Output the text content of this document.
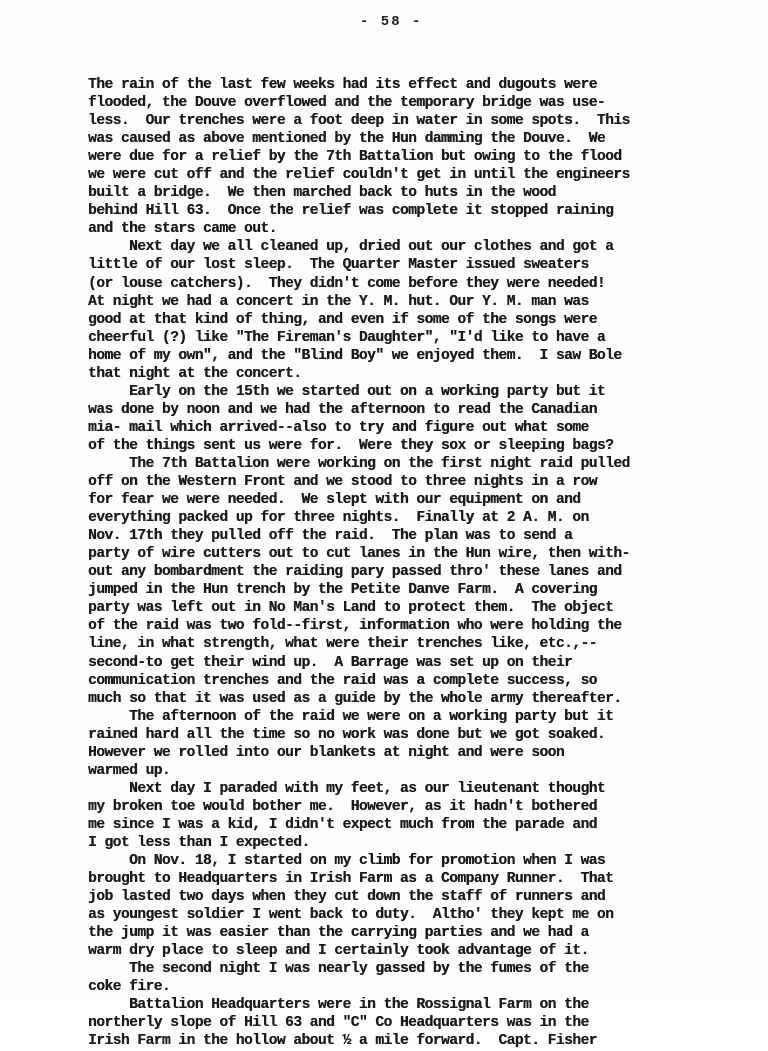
- 58 -
The rain of the last few weeks had its effect and dugouts were
flooded, the Douve overflowed and the temporary bridge was use-
less.  Our trenches were a foot deep in water in some spots.  This
was caused as above mentioned by the Hun damming the Douve.  We
were due for a relief by the 7th Battalion but owing to the flood
we were cut off and the relief couldn't get in until the engineers
built a bridge.  We then marched back to huts in the wood
behind Hill 63.  Once the relief was complete it stopped raining
and the stars came out.
Next day we all cleaned up, dried out our clothes and got a
little of our lost sleep.  The Quarter Master issued sweaters
(or louse catchers).  They didn't come before they were needed!
At night we had a concert in the Y. M. hut. Our Y. M. man was
good at that kind of thing, and even if some of the songs were
cheerful (?) like "The Fireman's Daughter", "I'd like to have a
home of my own", and the "Blind Boy" we enjoyed them.  I saw Bole
that night at the concert.
Early on the 15th we started out on a working party but it
was done by noon and we had the afternoon to read the Canadian
mia- mail which arrived--also to try and figure out what some
of the things sent us were for.  Were they sox or sleeping bags?
The 7th Battalion were working on the first night raid pulled
off on the Western Front and we stood to three nights in a row
for fear we were needed.  We slept with our equipment on and
everything packed up for three nights.  Finally at 2 A. M. on
Nov. 17th they pulled off the raid.  The plan was to send a
party of wire cutters out to cut lanes in the Hun wire, then with-
out any bombardment the raiding pary passed thro' these lanes and
jumped in the Hun trench by the Petite Danve Farm.  A covering
party was left out in No Man's Land to protect them.  The object
of the raid was two fold--first, information who were holding the
line, in what strength, what were their trenches like, etc.,--
second-to get their wind up.  A Barrage was set up on their
communication trenches and the raid was a complete success, so
much so that it was used as a guide by the whole army thereafter.
The afternoon of the raid we were on a working party but it
rained hard all the time so no work was done but we got soaked.
However we rolled into our blankets at night and were soon
warmed up.
Next day I paraded with my feet, as our lieutenant thought
my broken toe would bother me.  However, as it hadn't bothered
me since I was a kid, I didn't expect much from the parade and
I got less than I expected.
On Nov. 18, I started on my climb for promotion when I was
brought to Headquarters in Irish Farm as a Company Runner.  That
job lasted two days when they cut down the staff of runners and
as youngest soldier I went back to duty.  Altho' they kept me on
the jump it was easier than the carrying parties and we had a
warm dry place to sleep and I certainly took advantage of it.
The second night I was nearly gassed by the fumes of the
coke fire.
Battalion Headquarters were in the Rossignal Farm on the
northerly slope of Hill 63 and "C" Co Headquarters was in the
Irish Farm in the hollow about ½ a mile forward.  Capt. Fisher
